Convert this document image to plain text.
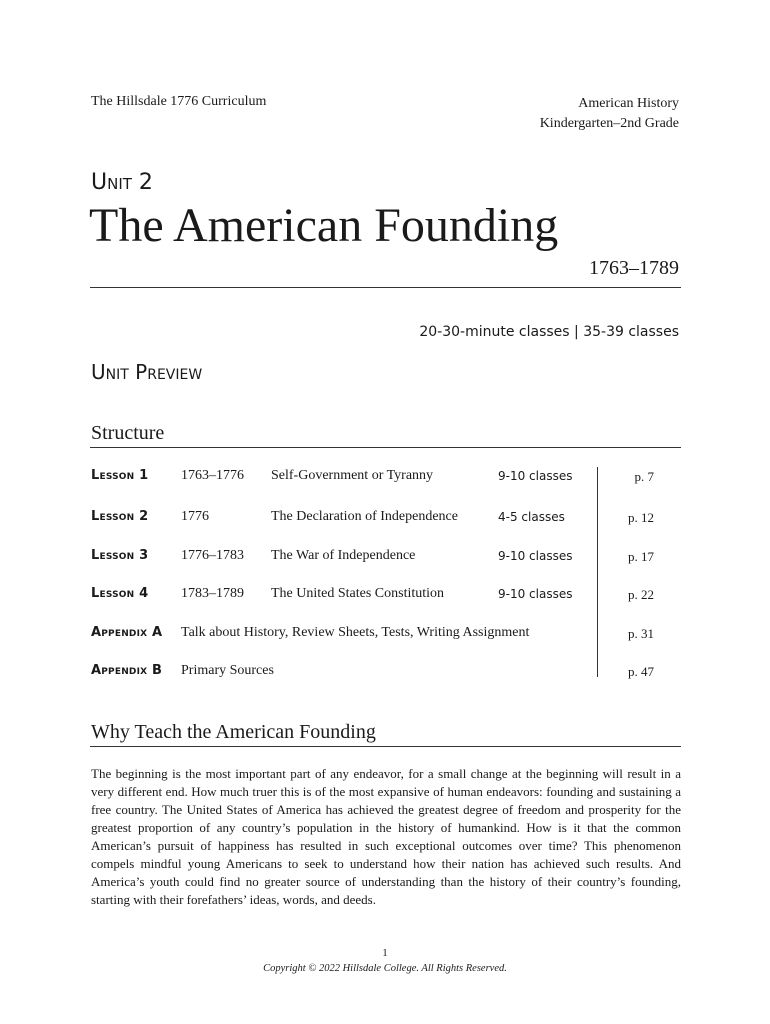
The Hillsdale 1776 Curriculum	American History
Kindergarten–2nd Grade
Unit 2
The American Founding
1763–1789
20-30-minute classes | 35-39 classes
Unit Preview
Structure
Lesson 1 1763–1776 Self-Government or Tyranny	9-10 classes	p. 7
Lesson 2 1776	The Declaration of Independence	4-5 classes	p. 12
Lesson 3 1776–1783 The War of Independence	9-10 classes	p. 17
Lesson 4 1783–1789 The United States Constitution	9-10 classes	p. 22
Appendix A Talk about History, Review Sheets, Tests, Writing Assignment	p. 31
Appendix B Primary Sources	p. 47
Why Teach the American Founding
The beginning is the most important part of any endeavor, for a small change at the beginning will result in a very different end. How much truer this is of the most expansive of human endeavors: founding and sustaining a free country. The United States of America has achieved the greatest degree of freedom and prosperity for the greatest proportion of any country’s population in the history of humankind. How is it that the common American’s pursuit of happiness has resulted in such exceptional outcomes over time? This phenomenon compels mindful young Americans to seek to understand how their nation has achieved such results. And America’s youth could find no greater source of understanding than the history of their country’s founding, starting with their forefathers’ ideas, words, and deeds.
1
Copyright © 2022 Hillsdale College. All Rights Reserved.
